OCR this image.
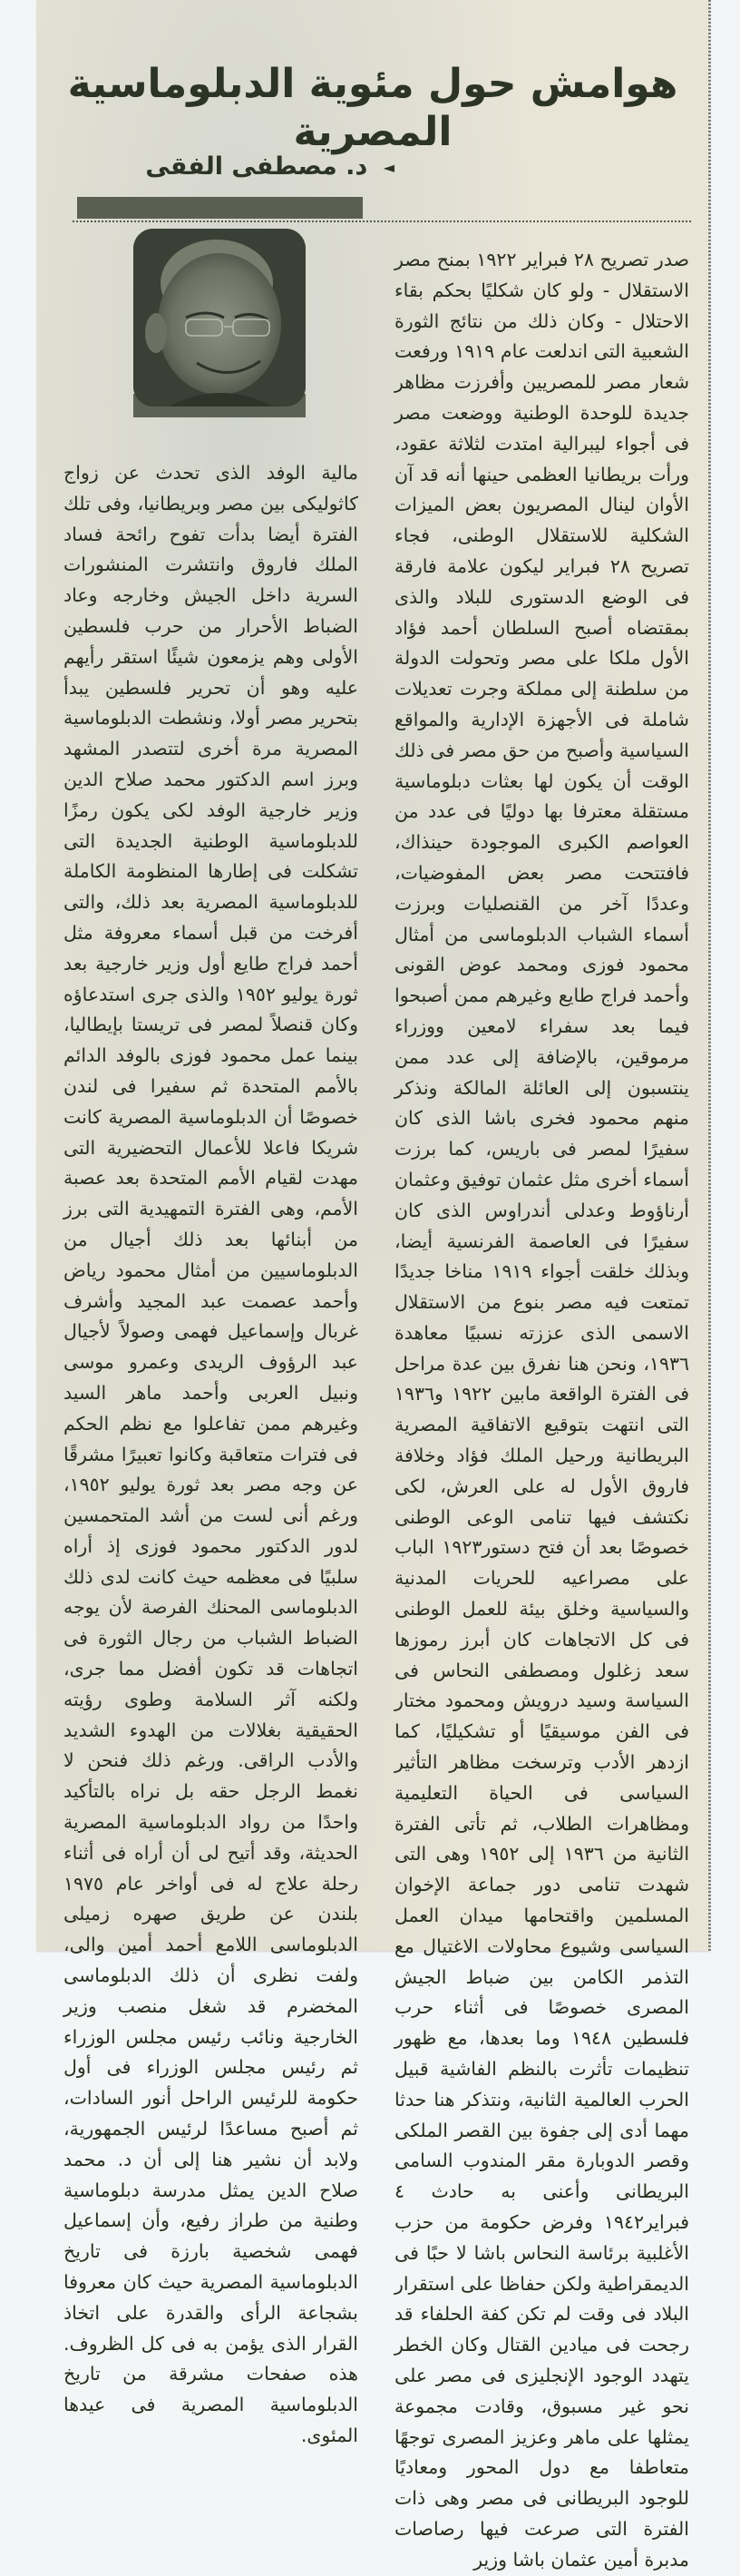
هوامش حول مئوية الدبلوماسية المصرية
◄ د. مصطفى الفقى

صدر تصريح ٢٨ فبراير ١٩٢٢ بمنح مصر الاستقلال - ولو كان شكليًا بحكم بقاء الاحتلال - وكان ذلك من نتائج الثورة الشعبية التى اندلعت عام ١٩١٩ ورفعت شعار مصر للمصريين وأفرزت مظاهر جديدة للوحدة الوطنية ووضعت مصر فى أجواء ليبرالية امتدت لثلاثة عقود، ورأت بريطانيا العظمى حينها أنه قد آن الأوان لينال المصريون بعض الميزات الشكلية للاستقلال الوطنى، فجاء تصريح ٢٨ فبراير ليكون علامة فارقة فى الوضع الدستورى للبلاد والذى بمقتضاه أصبح السلطان أحمد فؤاد الأول ملكا على مصر وتحولت الدولة من سلطنة إلى مملكة وجرت تعديلات شاملة فى الأجهزة الإدارية والمواقع السياسية وأصبح من حق مصر فى ذلك الوقت أن يكون لها بعثات دبلوماسية مستقلة معترفا بها دوليًا فى عدد من العواصم الكبرى الموجودة حينذاك، فافتتحت مصر بعض المفوضيات، وعددًا آخر من القنصليات وبرزت أسماء الشباب الدبلوماسى من أمثال محمود فوزى ومحمد عوض القونى وأحمد فراج طايع وغيرهم ممن أصبحوا فيما بعد سفراء لامعين ووزراء مرموقين، بالإضافة إلى عدد ممن ينتسبون إلى العائلة المالكة ونذكر منهم محمود فخرى باشا الذى كان سفيرًا لمصر فى باريس، كما برزت أسماء أخرى مثل عثمان توفيق وعثمان أرناؤوط وعدلى أندراوس الذى كان سفيرًا فى العاصمة الفرنسية أيضا، وبذلك خلقت أجواء ١٩١٩ مناخا جديدًا تمتعت فيه مصر بنوع من الاستقلال الاسمى الذى عززته نسبيًا معاهدة ١٩٣٦، ونحن هنا نفرق بين عدة مراحل فى الفترة الواقعة مابين ١٩٢٢ و١٩٣٦ التى انتهت بتوقيع الاتفاقية المصرية البريطانية ورحيل الملك فؤاد وخلافة فاروق الأول له على العرش، لكى نكتشف فيها تنامى الوعى الوطنى خصوصًا بعد أن فتح دستور١٩٢٣ الباب على مصراعيه للحريات المدنية والسياسية وخلق بيئة للعمل الوطنى فى كل الاتجاهات كان أبرز رموزها سعد زغلول ومصطفى النحاس فى السياسة وسيد درويش ومحمود مختار فى الفن موسيقيًا أو تشكيليًا، كما ازدهر الأدب وترسخت مظاهر التأثير السياسى فى الحياة التعليمية ومظاهرات الطلاب، ثم تأتى الفترة الثانية من ١٩٣٦ إلى ١٩٥٢ وهى التى شهدت تنامى دور جماعة الإخوان المسلمين واقتحامها ميدان العمل السياسى وشيوع محاولات الاغتيال مع التذمر الكامن بين ضباط الجيش المصرى خصوصًا فى أثناء حرب فلسطين ١٩٤٨ وما بعدها، مع ظهور تنظيمات تأثرت بالنظم الفاشية قبيل الحرب العالمية الثانية، ونتذكر هنا حدثا مهما أدى إلى جفوة بين القصر الملكى وقصر الدوبارة مقر المندوب السامى البريطانى وأعنى به حادث ٤ فبراير١٩٤٢ وفرض حكومة من حزب الأغلبية برئاسة النحاس باشا لا حبًا فى الديمقراطية ولكن حفاظا على استقرار البلاد فى وقت لم تكن كفة الحلفاء قد رجحت فى ميادين القتال وكان الخطر يتهدد الوجود الإنجليزى فى مصر على نحو غير مسبوق، وقادت مجموعة يمثلها على ماهر وعزيز المصرى توجهًا متعاطفا مع دول المحور ومعاديًا للوجود البريطانى فى مصر وهى ذات الفترة التى صرعت فيها رصاصات مدبرة أمين عثمان باشا وزير

مالية الوفد الذى تحدث عن زواج كاثوليكى بين مصر وبريطانيا، وفى تلك الفترة أيضا بدأت تفوح رائحة فساد الملك فاروق وانتشرت المنشورات السرية داخل الجيش وخارجه وعاد الضباط الأحرار من حرب فلسطين الأولى وهم يزمعون شيئًا استقر رأيهم عليه وهو أن تحرير فلسطين يبدأ بتحرير مصر أولا، ونشطت الدبلوماسية المصرية مرة أخرى لتتصدر المشهد وبرز اسم الدكتور محمد صلاح الدين وزير خارجية الوفد لكى يكون رمزًا للدبلوماسية الوطنية الجديدة التى تشكلت فى إطارها المنظومة الكاملة للدبلوماسية المصرية بعد ذلك، والتى أفرخت من قبل أسماء معروفة مثل أحمد فراج طايع أول وزير خارجية بعد ثورة يوليو ١٩٥٢ والذى جرى استدعاؤه وكان قنصلاً لمصر فى تريستا بإيطاليا، بينما عمل محمود فوزى بالوفد الدائم بالأمم المتحدة ثم سفيرا فى لندن خصوصًا أن الدبلوماسية المصرية كانت شريكا فاعلا للأعمال التحضيرية التى مهدت لقيام الأمم المتحدة بعد عصبة الأمم، وهى الفترة التمهيدية التى برز من أبنائها بعد ذلك أجيال من الدبلوماسيين من أمثال محمود رياض وأحمد عصمت عبد المجيد وأشرف غربال وإسماعيل فهمى وصولاً لأجيال عبد الرؤوف الريدى وعمرو موسى ونبيل العربى وأحمد ماهر السيد وغيرهم ممن تفاعلوا مع نظم الحكم فى فترات متعاقبة وكانوا تعبيرًا مشرقًا عن وجه مصر بعد ثورة يوليو ١٩٥٢، ورغم أنى لست من أشد المتحمسين لدور الدكتور محمود فوزى إذ أراه سلبيًا فى معظمه حيث كانت لدى ذلك الدبلوماسى المحنك الفرصة لأن يوجه الضباط الشباب من رجال الثورة فى اتجاهات قد تكون أفضل مما جرى، ولكنه آثر السلامة وطوى رؤيته الحقيقية بغلالات من الهدوء الشديد والأدب الراقى. ورغم ذلك فنحن لا نغمط الرجل حقه بل نراه بالتأكيد واحدًا من رواد الدبلوماسية المصرية الحديثة، وقد أتيح لى أن أراه فى أثناء رحلة علاج له فى أواخر عام ١٩٧٥ بلندن عن طريق صهره زميلى الدبلوماسى اللامع أحمد أمين والى، ولفت نظرى أن ذلك الدبلوماسى المخضرم قد شغل منصب وزير الخارجية ونائب رئيس مجلس الوزراء ثم رئيس مجلس الوزراء فى أول حكومة للرئيس الراحل أنور السادات، ثم أصبح مساعدًا لرئيس الجمهورية، ولابد أن نشير هنا إلى أن د. محمد صلاح الدين يمثل مدرسة دبلوماسية وطنية من طراز رفيع، وأن إسماعيل فهمى شخصية بارزة فى تاريخ الدبلوماسية المصرية حيث كان معروفا بشجاعة الرأى والقدرة على اتخاذ القرار الذى يؤمن به فى كل الظروف. هذه صفحات مشرقة من تاريخ الدبلوماسية المصرية فى عيدها المئوى.
